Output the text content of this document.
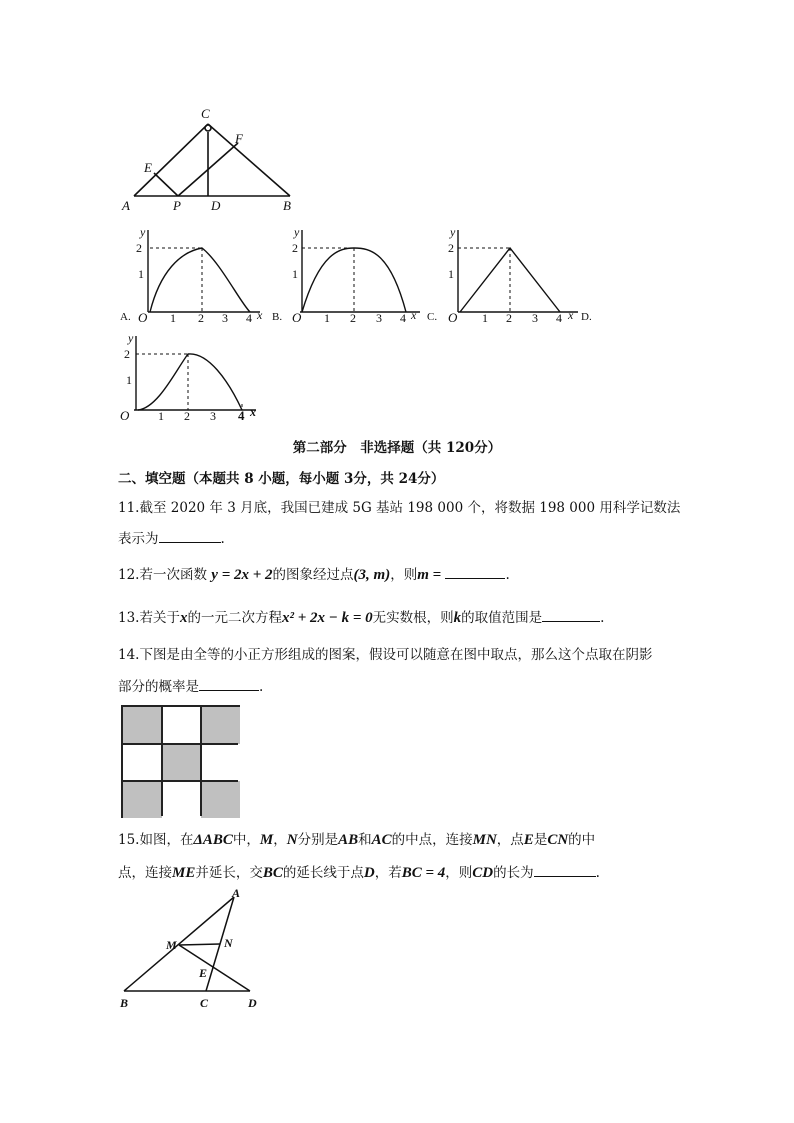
C
F
E
A	P D	B
y
2
1
O 1 2 3 4 x
A.
y
2
1
O 1 2 3 4 x
B.
y
2
1
O 1 2 3 4 x
C.	D.
y
2
1
O 1 2 3 4 x
第二部分　非选择题（共 120分）
二、填空题（本题共 8 小题，每小题 3分，共 24分）
11.截至 2020 年 3 月底，我国已建成 5G 基站 198 000 个，将数据 198 000 用科学记数法
表示为	.
12.若一次函数 y = 2x + 2的图象经过点(3, m)，则m =	.
13.若关于x的一元二次方程x² + 2x − k = 0无实数根，则k的取值范围是	.
14.下图是由全等的小正方形组成的图案，假设可以随意在图中取点，那么这个点取在阴影
部分的概率是	.
15.如图，在ΔABC中，M，N分别是AB和AC的中点，连接MN，点E是CN的中
点，连接ME并延长，交BC的延长线于点D，若BC = 4，则CD的长为	.
A
M	N
E
B	C	D
